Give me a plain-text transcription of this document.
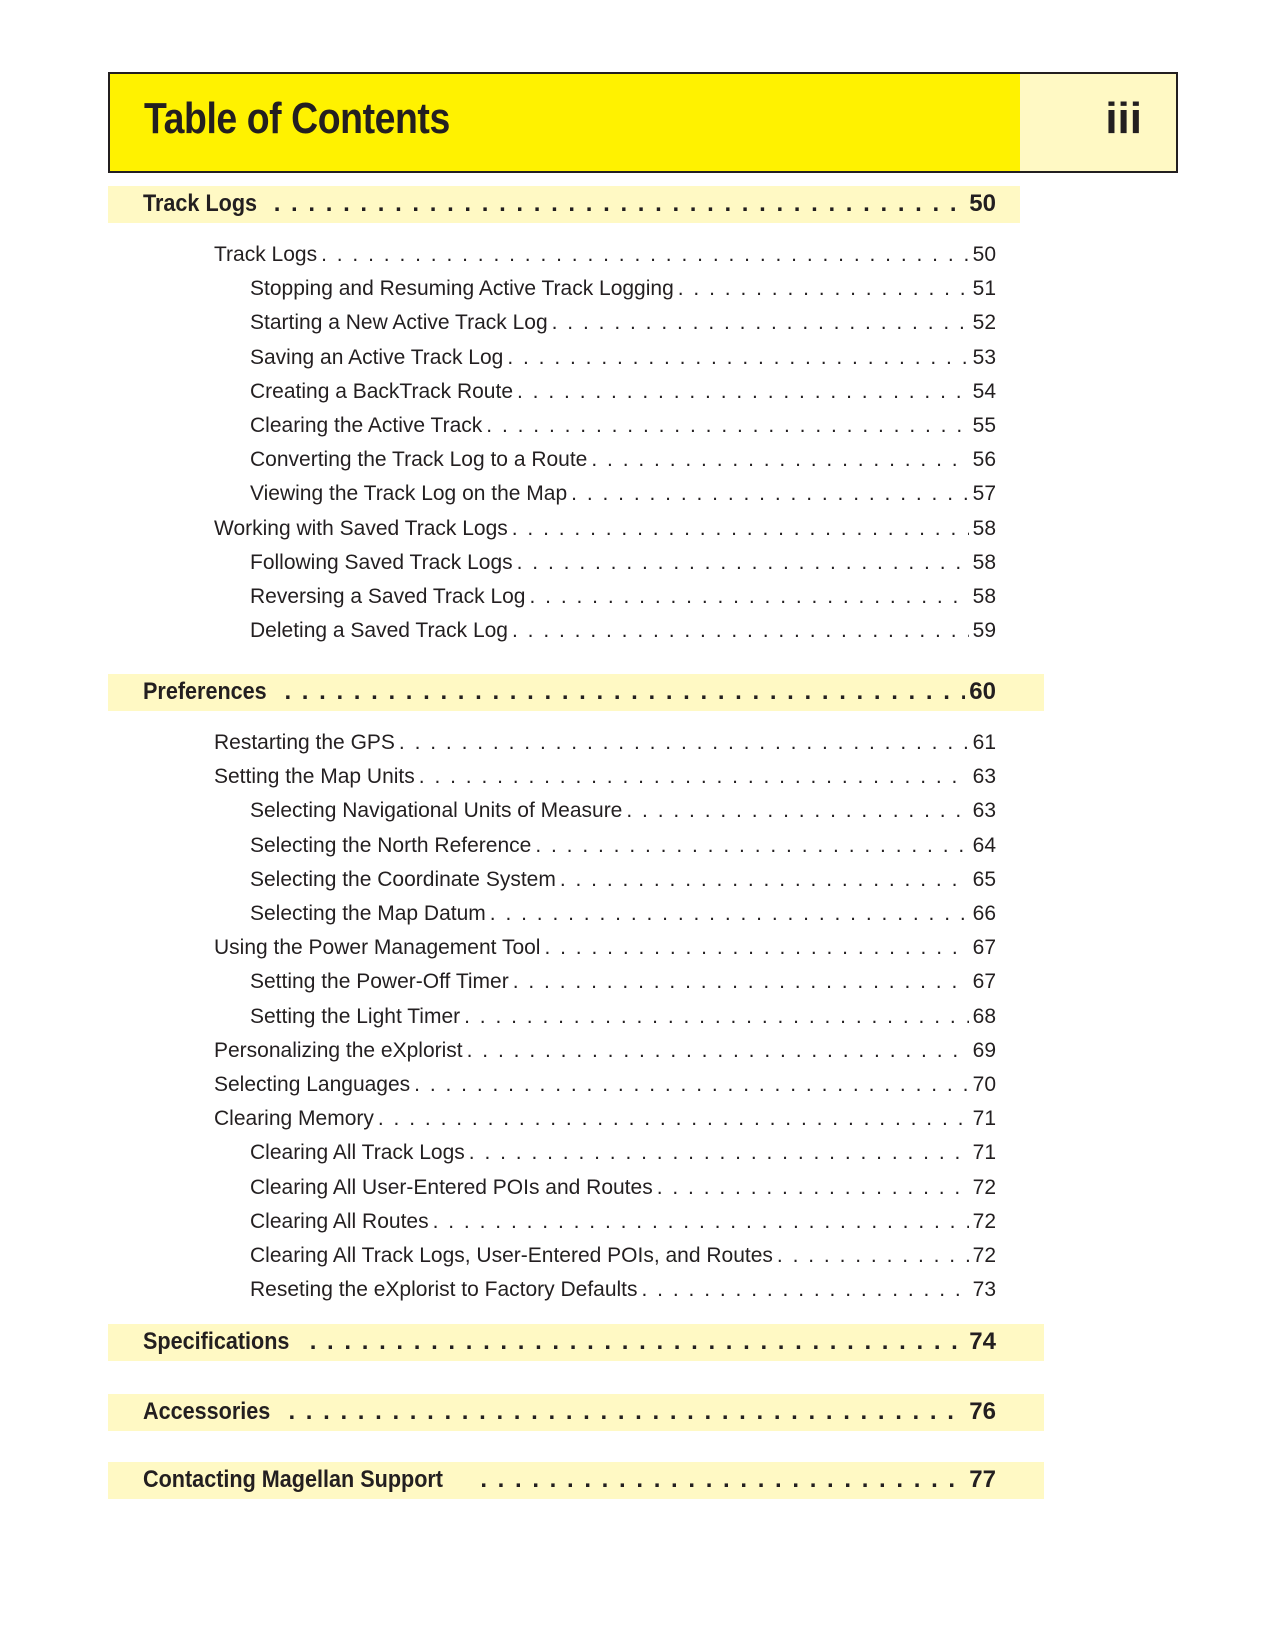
Table of Contents	iii
Track Logs . . .	50
Track Logs . . .	50
Stopping and Resuming Active Track Logging . . .	51
Starting a New Active Track Log . . .	52
Saving an Active Track Log . . .	53
Creating a BackTrack Route . . .	54
Clearing the Active Track . . .	55
Converting the Track Log to a Route . . .	56
Viewing the Track Log on the Map . . .	57
Working with Saved Track Logs . . .	58
Following Saved Track Logs . . .	58
Reversing a Saved Track Log . . .	58
Deleting a Saved Track Log . . .	59
Preferences . . .	60
Restarting the GPS . . .	61
Setting the Map Units . . .	63
Selecting Navigational Units of Measure . . .	63
Selecting the North Reference . . .	64
Selecting the Coordinate System . . .	65
Selecting the Map Datum . . .	66
Using the Power Management Tool . . .	67
Setting the Power-Off Timer . . .	67
Setting the Light Timer . . .	68
Personalizing the eXplorist . . .	69
Selecting Languages . . .	70
Clearing Memory . . .	71
Clearing All Track Logs . . .	71
Clearing All User-Entered POIs and Routes . . .	72
Clearing All Routes . . .	72
Clearing All Track Logs, User-Entered POIs, and Routes . . .	72
Reseting the eXplorist to Factory Defaults . . .	73
Specifications . . .	74
Accessories . . .	76
Contacting Magellan Support . . .	77
